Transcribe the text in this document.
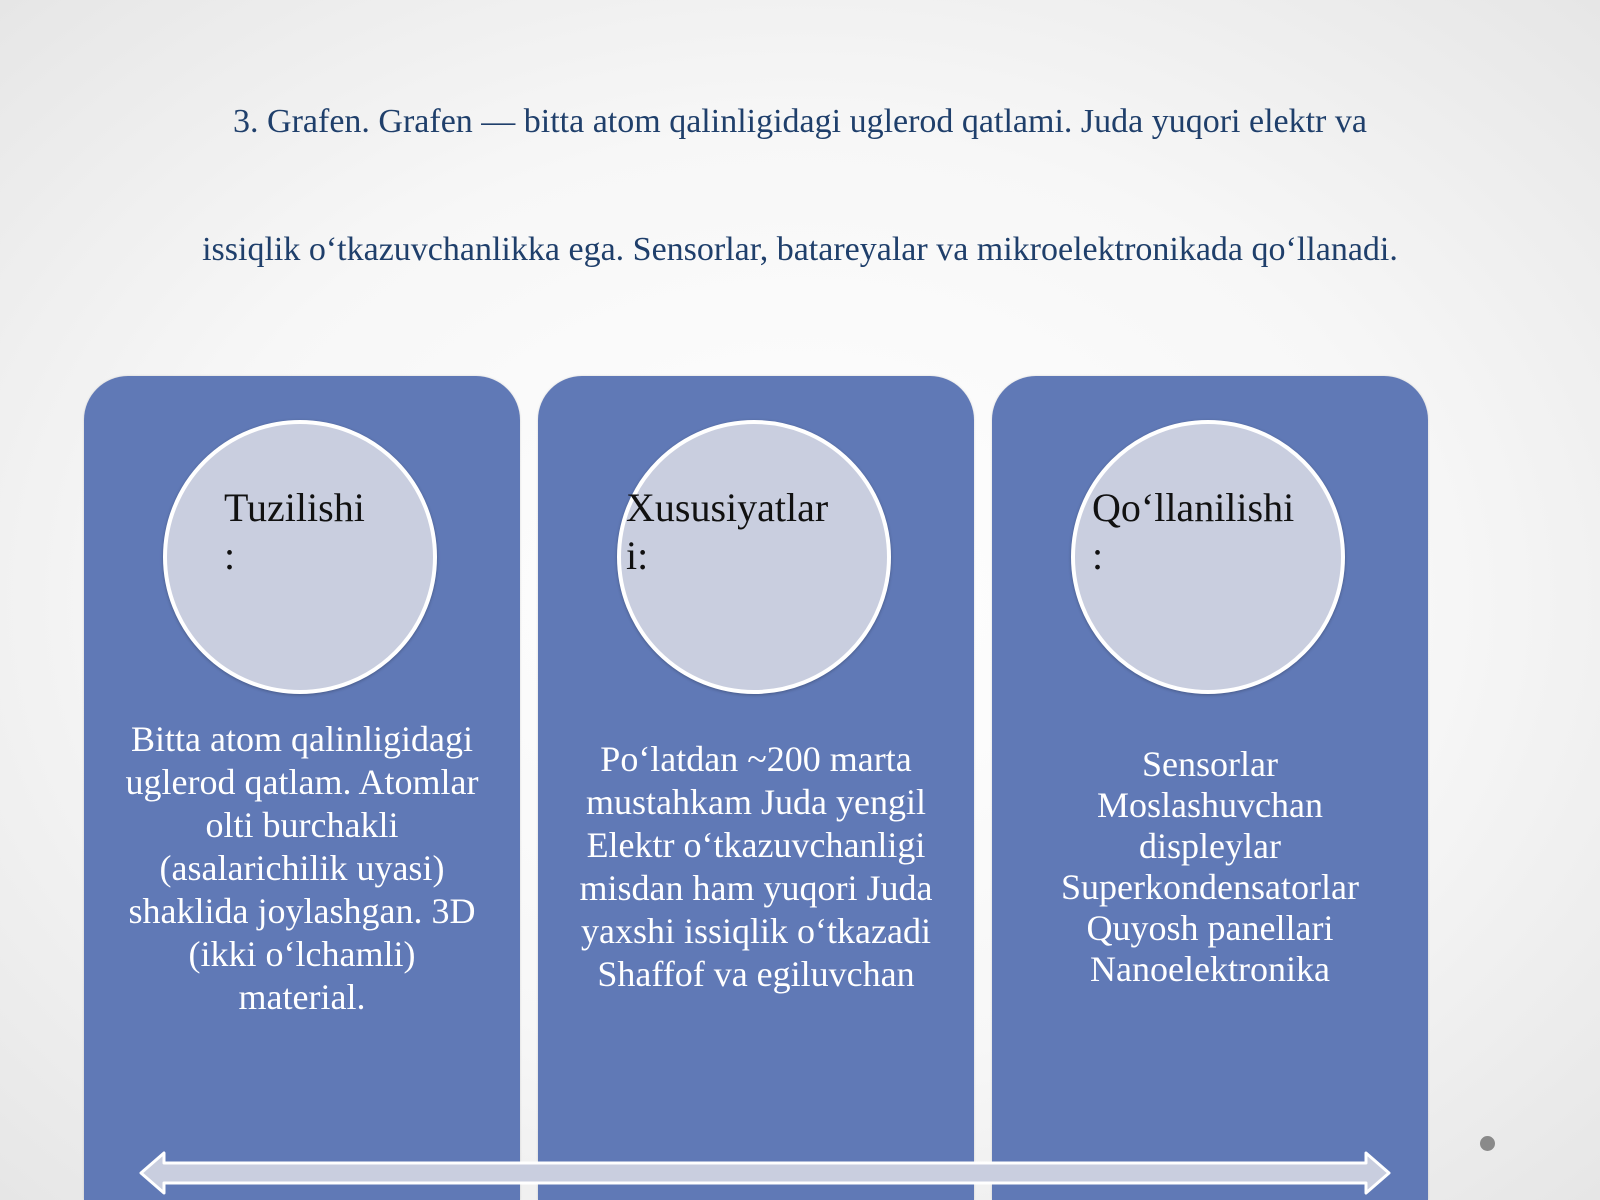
3. Grafen. Grafen — bitta atom qalinligidagi uglerod qatlami. Juda yuqori elektr va
issiqlik o‘tkazuvchanlikka ega. Sensorlar, batareyalar va mikroelektronikada qo‘llanadi.
Tuzilishi
:
Xususiyatlar
i:
Qo‘llanilishi
:
Bitta atom qalinligidagi
uglerod qatlam. Atomlar
olti burchakli
(asalarichilik uyasi)
shaklida joylashgan. 3D
(ikki o‘lchamli)
material.
Po‘latdan ~200 marta
mustahkam Juda yengil
Elektr o‘tkazuvchanligi
misdan ham yuqori Juda
yaxshi issiqlik o‘tkazadi
Shaffof va egiluvchan
Sensorlar
Moslashuvchan
displeylar
Superkondensatorlar
Quyosh panellari
Nanoelektronika
